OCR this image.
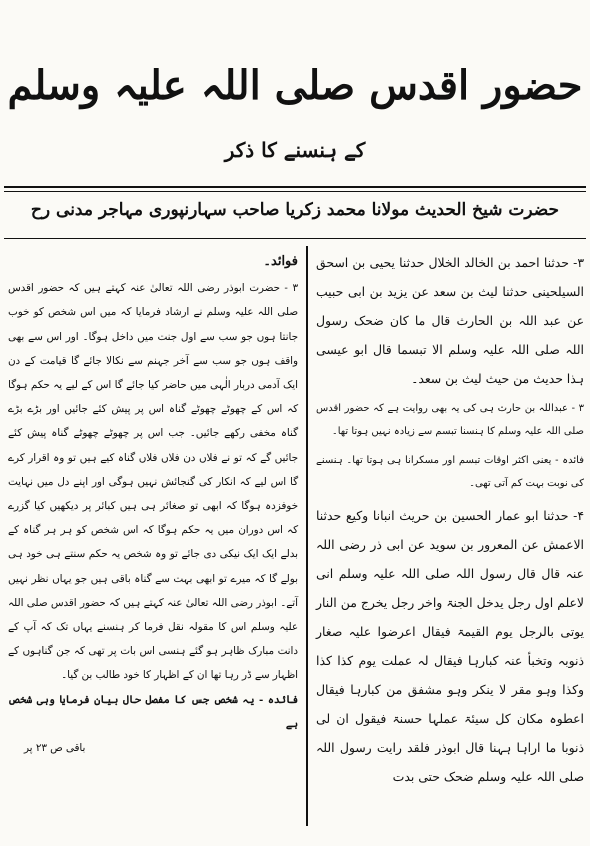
حضور اقدس صلی اللہ علیہ وسلم
کے ہنسنے کا ذکر
حضرت شیخ الحدیث مولانا محمد زکریا صاحب سہارنپوری مہاجر مدنی رح

۳- حدثنا احمد بن الخالد الخلال حدثنا یحیی بن اسحق السیلحینی حدثنا لیث بن سعد عن یزید بن ابی حبیب عن عبد اللہ بن الحارث قال ما کان ضحک رسول اللہ صلی اللہ علیہ وسلم الا تبسما قال ابو عیسی ہذا حدیث من حیث لیث بن سعد۔

۳ - عبداللہ بن حارث ہی کی یہ بھی روایت ہے کہ حضور اقدس صلی اللہ علیہ وسلم کا ہنسنا تبسم سے زیادہ نہیں ہوتا تھا۔

فائدہ - یعنی اکثر اوقات تبسم اور مسکرانا ہی ہوتا تھا۔ ہنسنے کی نوبت بہت کم آتی تھی۔

۴- حدثنا ابو عمار الحسین بن حریث انبانا وکیع حدثنا الاعمش عن المعرور بن سوید عن ابی ذر رضی اللہ عنہ قال قال رسول اللہ صلی اللہ علیہ وسلم انی لاعلم اول رجل یدخل الجنۃ واخر رجل یخرج من النار یوتی بالرجل یوم القیمۃ فیقال اعرضوا علیہ صغار ذنوبہ وتخبأ عنہ کبارہا فیقال لہ عملت یوم کذا کذا وکذا وہو مقر لا ینکر وہو مشفق من کبارہا فیقال اعطوہ مکان کل سیئۃ عملہا حسنۃ فیقول ان لی ذنوبا ما اراہا ہہنا قال ابوذر فلقد رایت رسول اللہ صلی اللہ علیہ وسلم ضحک حتی بدت

فوائد۔

۳ - حضرت ابوذر رضی اللہ تعالیٰ عنہ کہتے ہیں کہ حضور اقدس صلی اللہ علیہ وسلم نے ارشاد فرمایا کہ میں اس شخص کو خوب جانتا ہوں جو سب سے اول جنت میں داخل ہوگا۔ اور اس سے بھی واقف ہوں جو سب سے آخر جہنم سے نکالا جائے گا قیامت کے دن ایک آدمی دربار الٰہی میں حاضر کیا جائے گا اس کے لیے یہ حکم ہوگا کہ اس کے چھوٹے چھوٹے گناہ اس پر پیش کئے جائیں اور بڑے بڑے گناہ مخفی رکھے جائیں۔ جب اس پر چھوٹے چھوٹے گناہ پیش کئے جائیں گے کہ تو نے فلاں دن فلاں فلاں گناہ کیے ہیں تو وہ اقرار کرے گا اس لیے کہ انکار کی گنجائش نہیں ہوگی اور اپنے دل میں نہایت خوفزدہ ہوگا کہ ابھی تو صغائر ہی ہیں کبائر پر دیکھیں کیا گزرے کہ اس دوران میں یہ حکم ہوگا کہ اس شخص کو ہر ہر گناہ کے بدلے ایک ایک نیکی دی جائے تو وہ شخص یہ حکم سنتے ہی خود ہی بولے گا کہ میرے تو ابھی بہت سے گناہ باقی ہیں جو یہاں نظر نہیں آتے۔ ابوذر رضی اللہ تعالیٰ عنہ کہتے ہیں کہ حضور اقدس صلی اللہ علیہ وسلم اس کا مقولہ نقل فرما کر ہنسنے یہاں تک کہ آپ کے دانت مبارک ظاہر ہو گئے ہنسی اس بات پر تھی کہ جن گناہوں کے اظہار سے ڈر رہا تھا ان کے اظہار کا خود طالب بن گیا۔

فائدہ - یہ شخص جس کا مفصل حال بیان فرمایا وہی شخص ہے

باقی ص ۲۳ پر
